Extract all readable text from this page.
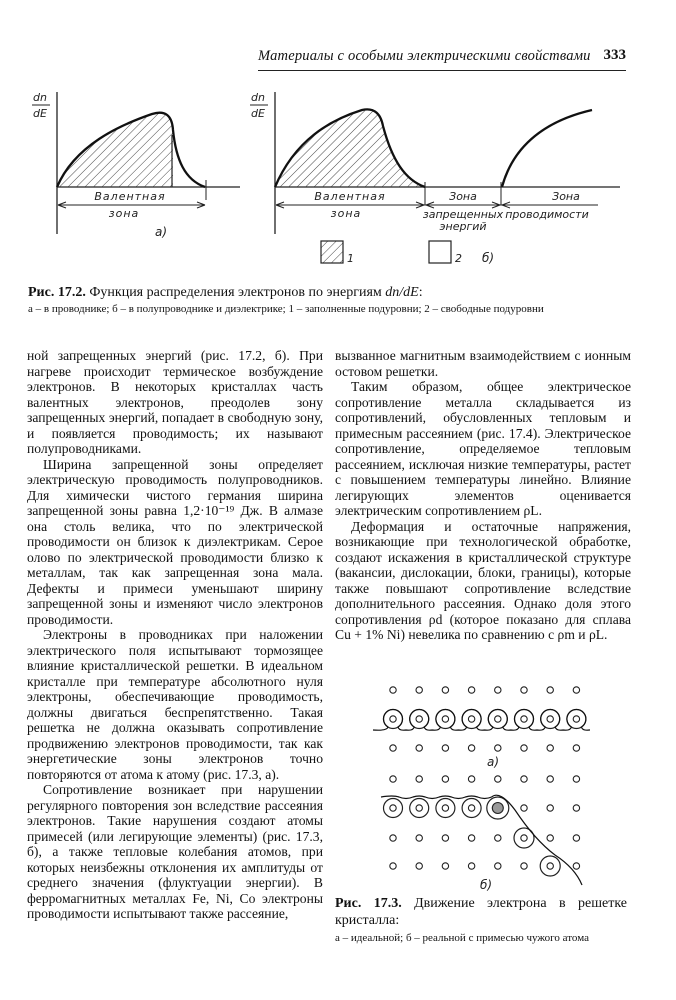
Материалы с особыми электрическими свойствами 333
Валентная
зона
а)
dn
dE
Валентная
зона
Зона
запрещенных
энергий
Зона
проводимости
dn
dE
1	2 б)
Рис. 17.2. Функция распределения электронов по энергиям dn/dE:
а – в проводнике; б – в полупроводнике и диэлектрике; 1 – заполненные подуровни; 2 – свободные подуровни

ной запрещенных энергий (рис. 17.2, б). При нагреве происходит термическое возбуждение электронов. В некоторых кристаллах часть валентных электронов, преодолев зону запрещенных энергий, попадает в свободную зону, и появляется проводимость; их называют полупроводниками.

Ширина запрещенной зоны определяет электрическую проводимость полупроводников. Для химически чистого германия ширина запрещенной зоны равна 1,2·10⁻¹⁹ Дж. В алмазе она столь велика, что по электрической проводимости он близок к диэлектрикам. Серое олово по электрической проводимости близко к металлам, так как запрещенная зона мала. Дефекты и примеси уменьшают ширину запрещенной зоны и изменяют число электронов проводимости.

Электроны в проводниках при наложении электрического поля испытывают тормозящее влияние кристаллической решетки. В идеальном кристалле при температуре абсолютного нуля электроны, обеспечивающие проводимость, должны двигаться беспрепятственно. Такая решетка не должна оказывать сопротивление продвижению электронов проводимости, так как энергетические зоны электронов точно повторяются от атома к атому (рис. 17.3, а).

Сопротивление возникает при нарушении регулярного повторения зон вследствие рассеяния электронов. Такие нарушения создают атомы примесей (или легирующие элементы) (рис. 17.3, б), а также тепловые колебания атомов, при которых неизбежны отклонения их амплитуды от среднего значения (флуктуации энергии). В ферромагнитных металлах Fe, Ni, Co электроны проводимости испытывают также рассеяние,

вызванное магнитным взаимодействием с ионным остовом решетки.

Таким образом, общее электрическое сопротивление металла складывается из сопротивлений, обусловленных тепловым и примесным рассеянием (рис. 17.4). Электрическое сопротивление, определяемое тепловым рассеянием, исключая низкие температуры, растет с повышением температуры линейно. Влияние легирующих элементов оценивается электрическим сопротивлением ρL.

Деформация и остаточные напряжения, возникающие при технологической обработке, создают искажения в кристаллической структуре (вакансии, дислокации, блоки, границы), которые также повышают сопротивление вследствие дополнительного рассеяния. Однако доля этого сопротивления ρd (которое показано для сплава Cu + 1% Ni) невелика по сравнению с ρm и ρL.

а)
б)
Рис. 17.3. Движение электрона в решетке кристалла:
а – идеальной; б – реальной с примесью чужого атома
